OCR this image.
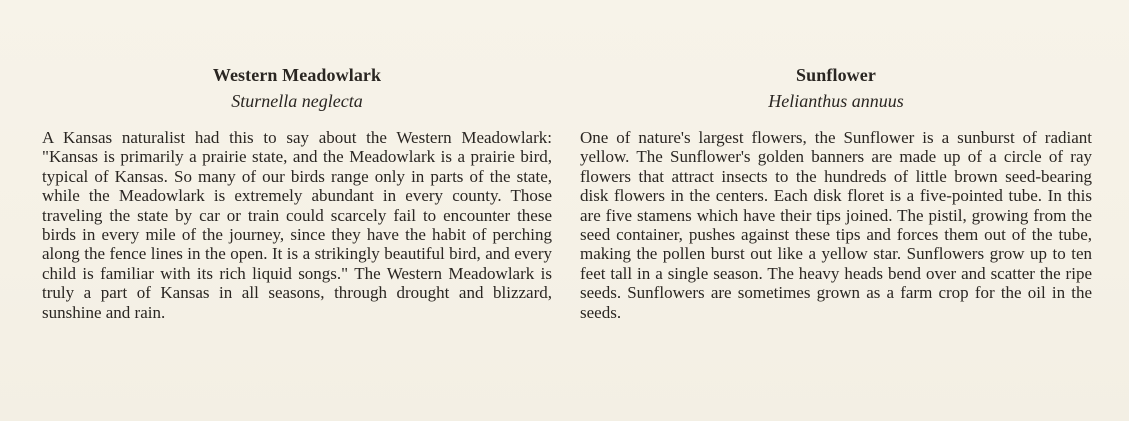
Western Meadowlark
Sturnella neglecta

A Kansas naturalist had this to say about the Western Meadowlark: "Kansas is primarily a prairie state, and the Meadowlark is a prairie bird, typical of Kansas. So many of our birds range only in parts of the state, while the Meadowlark is extremely abundant in every county. Those traveling the state by car or train could scarcely fail to encounter these birds in every mile of the journey, since they have the habit of perching along the fence lines in the open. It is a strikingly beautiful bird, and every child is familiar with its rich liquid songs." The Western Meadowlark is truly a part of Kansas in all seasons, through drought and blizzard, sunshine and rain.

Sunflower
Helianthus annuus

One of nature's largest flowers, the Sunflower is a sunburst of radiant yellow. The Sunflower's golden banners are made up of a circle of ray flowers that attract insects to the hundreds of little brown seed-bearing disk flowers in the centers. Each disk floret is a five-pointed tube. In this are five stamens which have their tips joined. The pistil, growing from the seed container, pushes against these tips and forces them out of the tube, making the pollen burst out like a yellow star. Sunflowers grow up to ten feet tall in a single season. The heavy heads bend over and scatter the ripe seeds. Sunflowers are sometimes grown as a farm crop for the oil in the seeds.
